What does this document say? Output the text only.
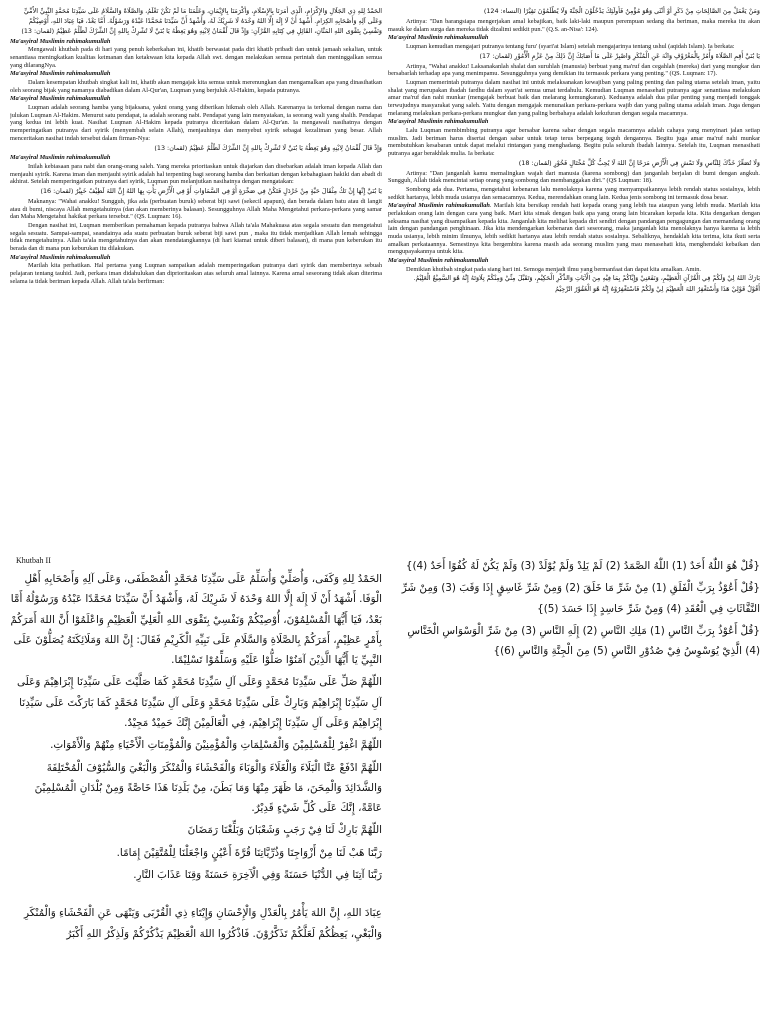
الحَمْدُ لِلهِ ذِي الجَلَالِ وَالإِكْرَامِ، الَّذِي أَمَرَنَا بِالإِسْلَامِ، وَأَكْرَمَنَا بِالإِيْمَانِ، وَعَلَّمَنَا مَا لَمْ نَكُنْ نَعْلَمُ، وَالصَّلَاةُ وَالسَّلَامُ عَلَى سَيِّدِنَا مُحَمَّدٍ النَّبِيِّ الأُمِّيِّ وَعَلَى آلِهِ وَأَصْحَابِهِ الكِرَامِ. أَشْهَدُ أَنْ لَا إِلَهَ إِلَّا اللهُ وَحْدَهُ لَا شَرِيْكَ لَهُ، وَأَشْهَدُ أَنَّ سَيِّدَنَا مُحَمَّدًا عَبْدُهُ وَرَسُوْلُهُ. أَمَّا بَعْدُ، فَيَا عِبَادَ اللهِ، أُوْصِيْكُمْ وَنَفْسِيْ بِتَقْوَى اللهِ المَنَّانِ، القَائِلِ فِي كِتَابِهِ القُرْآنِ: وَإِذْ قَالَ لُقْمَانُ لِابْنِهِ وَهُوَ يَعِظُهُ يَا بُنَيَّ لَا تُشْرِكْ بِاللهِ إِنَّ الشِّرْكَ لَظُلْمٌ عَظِيْمٌ (لقمان: 13)
Ma'asyiral Muslimin rahimakumullah
Mengawali khutbah pada di hari yang penuh keberkahan ini, khatib berwasiat pada diri khatib pribadi dan untuk jamaah sekalian, untuk senantiasa meningkatkan kualitas keimanan dan ketakwaan kita kepada Allah swt. dengan melakukan semua perintah dan meninggalkan semua yang dilarangNya.
Ma'asyiral Muslimin rahimakumullah
Dalam kesempatan khutbah singkat kali ini, khatib akan mengajak kita semua untuk merenungkan dan mengamalkan apa yang dinasihatkan oleh seorang bijak yang namanya diabadikan dalam Al-Qur'an, Luqman yang berjuluk Al-Hakim, kepada putranya.
Ma'asyiral Muslimin rahimakumullah
Luqman adalah seorang hamba yang bijaksana, yakni orang yang diberikan hikmah oleh Allah. Karenanya ia terkenal dengan nama dan julukan Luqman Al-Hakim. Menurut satu pendapat, ia adalah seorang nabi. Pendapat yang lain menyatakan, ia seorang wali yang shalih. Pendapat yang kedua ini lebih kuat. Nasihat Luqman Al-Hakim kepada putranya diceritakan dalam Al-Qur'an. Ia mengawali nasihatnya dengan memperingatkan putranya dari syirik (menyembah selain Allah), menjauhinya dan menyebut syirik sebagai kezaliman yang besar. Allah menceritakan nasihat indah tersebut dalam firman-Nya:
وَإِذْ قَالَ لُقْمَانُ لِابْنِهِ وَهُوَ يَعِظُهُ يَا بُنَيَّ لَا تُشْرِكْ بِاللهِ إِنَّ الشِّرْكَ لَظُلْمٌ عَظِيْمٌ (لقمان: 13)
Ma'asyiral Muslimin rahimakumullah
Inilah kebiasaan para nabi dan orang-orang saleh. Yang mereka prioritaskan untuk diajarkan dan disebarkan adalah iman kepada Allah dan menjauhi syirik. Karena iman dan menjauhi syirik adalah hal terpenting bagi seorang hamba dan berkaitan dengan kebahagiaan hakiki dan abadi di akhirat. Setelah memperingatkan putranya dari syirik, Luqman pun melanjutkan nasihatnya dengan mengatakan:
يَا بُنَيَّ إِنَّهَا إِنْ تَكُ مِثْقَالَ حَبَّةٍ مِنْ خَرْدَلٍ فَتَكُنْ فِي صَخْرَةٍ أَوْ فِي السَّمَاوَاتِ أَوْ فِي الْأَرْضِ يَأْتِ بِهَا اللهُ إِنَّ اللهَ لَطِيْفٌ خَبِيْرٌ (لقمان: 16)
Maknanya: "Wahai anakku! Sungguh, jika ada (perbuatan buruk) seberat biji sawi (sekecil apapun), dan berada dalam batu atau di langit atau di bumi, niscaya Allah mengetahuinya (dan akan memberinya balasan). Sesungguhnya Allah Maha Mengetahui perkara-perkara yang samar dan Maha Mengetahui hakikat perkara tersebut." (QS. Luqman: 16).
Dengan nasihat ini, Luqman memberikan pemahaman kepada putranya bahwa Allah ta'ala Mahakuasa atas segala sesuatu dan mengetahui segala sesuatu. Sampai-sampai, seandainya ada suatu perbuatan buruk seberat biji sawi pun , maka itu tidak menjadikan Allah lemah sehingga tidak mengetahuinya. Allah ta'ala mengetahuinya dan akan mendatangkannya (di hari kiamat untuk diberi balasan), di mana pun keberukan itu berada dan di mana pun keburukan itu dilakukan.
Ma'asyiral Muslimin rahimakumullah
Marilah kita perhatikan. Hal pertama yang Luqman sampaikan adalah memperingatkan putranya dari syirik dan memberinya sebuah pelajaran tentang tauhid. Jadi, perkara iman didahulukan dan diprioritaskan atas seluruh amal lainnya. Karena amal seseorang tidak akan diterima selama ia tidak beriman kepada Allah. Allah ta'ala berfirman:
وَمَنْ يَعْمَلْ مِنَ الصَّالِحَاتِ مِنْ ذَكَرٍ أَوْ أُنْثَى وَهُوَ مُؤْمِنٌ فَأُولَئِكَ يَدْخُلُوْنَ الْجَنَّةَ وَلَا يُظْلَمُوْنَ نَقِيْرًا (النساء: 124)
Artinya: "Dan barangsiapa mengerjakan amal kebajikan, baik laki-laki maupun perempuan sedang dia beriman, maka mereka itu akan masuk ke dalam surga dan mereka tidak dizalimi sedikit pun." (Q.S. an-Nisa': 124).
Ma'asyiral Muslimin rahimakumullah
Luqman kemudian mengajari putranya tentang furu' (syari'at Islam) setelah mengajarinya tentang ushul (aqidah Islam). Ia berkata:
يَا بُنَيَّ أَقِمِ الصَّلَاةَ وَأْمُرْ بِالْمَعْرُوْفِ وَانْهَ عَنِ الْمُنْكَرِ وَاصْبِرْ عَلَى مَا أَصَابَكَ إِنَّ ذَلِكَ مِنْ عَزْمِ الْأُمُوْرِ (لقمان: 17)
Artinya, "Wahai anakku! Laksanakanlah shalat dan suruhlah (manusia) berbuat yang ma'ruf dan cegahlah (mereka) dari yang mungkar dan bersabarlah terhadap apa yang menimpamu. Sesungguhnya yang demikian itu termasuk perkara yang penting." (QS. Luqman: 17).
Luqman memerintah putranya dalam nasihat ini untuk melaksanakan kewajiban yang paling penting dan paling utama setelah iman, yaitu shalat yang merupakan ibadah fardhu dalam syari'at semua umat terdahulu. Kemudian Luqman menasehati putranya agar senantiasa melakukan amar ma'ruf dan nahi munkar (mengajak berbuat baik dan melarang kemungkaran). Keduanya adalah dua pilar penting yang menjadi tonggak terwujudnya masyarakat yang saleh. Yaitu dengan mengajak menunaikan perkara-perkara wajib dan yang paling utama adalah iman. Juga dengan melarang melakukan perkara-perkara mungkar dan yang paling berbahaya adalah kekufuran dengan segala macamnya.
Ma'asyiral Muslimin rahimakumullah
Lalu Luqman membimbing putranya agar bersabar karena sabar dengan segala macamnya adalah cahaya yang menyinari jalan setiap muslim. Jadi beriman harus disertai dengan sabar untuk tetap terus berpegang teguh dengannya. Begitu juga amar ma'ruf nahi munkar membutuhkan kesabaran untuk dapat melalui rintangan yang menghadang. Begitu pula seluruh ibadah lainnya. Setelah itu, Luqman menasihati putranya agar berakhlak mulia. Ia berkata:
وَلَا تُصَعِّرْ خَدَّكَ لِلنَّاسِ وَلَا تَمْشِ فِي الْأَرْضِ مَرَحًا إِنَّ اللهَ لَا يُحِبُّ كُلَّ مُخْتَالٍ فَخُوْرٍ (لقمان: 18)
Artinya: "Dan janganlah kamu memalingkan wajah dari manusia (karena sombong) dan janganlah berjalan di bumi dengan angkuh. Sungguh, Allah tidak mencintai setiap orang yang sombong dan membanggakan diri." (QS Luqman: 18).
Sombong ada dua. Pertama, mengetahui kebenaran lalu menolaknya karena yang menyampaikannya lebih rendah status sosialnya, lebih sedikit hartanya, lebih muda usianya dan semacamnya. Kedua, merendahkan orang lain. Kedua jenis sombong ini termasuk dosa besar.
Ma'asyiral Muslimin rahimakumullah. Marilah kita bersikap rendah hati kepada orang yang lebih tua ataupun yang lebih muda. Marilah kita perlakukan orang lain dengan cara yang baik. Mari kita simak dengan baik apa yang orang lain bicarakan kepada kita. Kita dengarkan dengan seksama nasihat yang disampaikan kepada kita. Janganlah kita melihat kepada diri sendiri dengan pandangan pengagungan dan memandang orang lain dengan pandangan penghinaan. Jika kita mendengarkan kebenaran dari seseorang, maka janganlah kita menolaknya hanya karena ia lebih muda usianya, lebih minim ilmunya, lebih sedikit hartanya atau lebih rendah status sosialnya. Sebaliknya, hendaklah kita terima, kita ikuti serta amalkan perkataannya. Semestinya kita bergembira karena masih ada seorang muslim yang mau menasehati kita, menghendaki kebaikan dan mengupayakannya untuk kita.
Ma'asyiral Muslimin rahimakumullah
Demikian khutbah singkat pada siang hari ini. Semoga menjadi ilmu yang bermanfaat dan dapat kita amalkan. Amin.
بَارَكَ اللهُ لِيْ وَلَكُمْ فِي الْقُرْآنِ الْعَظِيْمِ، وَنَفَعَنِيْ وَإِيَّاكُمْ بِمَا فِيْهِ مِنَ الْآيَاتِ وَالذِّكْرِ الْحَكِيْمِ، وَتَقَبَّلَ مِنِّيْ وَمِنْكُمْ تِلَاوَتَهُ إِنَّهُ هُوَ السَّمِيْعُ الْعَلِيْمُ.
أَقُوْلُ قَوْلِيْ هَذَا وَأَسْتَغْفِرُ اللهَ الْعَظِيْمَ لِيْ وَلَكُمْ فَاسْتَغْفِرُوْهُ إِنَّهُ هُوَ الْغَفُوْرُ الرَّحِيْمُ
Khutbah II

الحَمْدُ لِلهِ وَكَفَى، وَأُصَلِّيْ وَأُسَلِّمُ عَلَى سَيِّدِنَا مُحَمَّدٍ الْمُصْطَفَى، وَعَلَى آلِهِ وَأَصْحَابِهِ أَهْلِ الْوَفَا. أَشْهَدُ أَنْ لَا إِلَهَ إِلَّا اللهُ وَحْدَهُ لَا شَرِيْكَ لَهُ، وَأَشْهَدُ أَنَّ سَيِّدَنَا مُحَمَّدًا عَبْدُهُ وَرَسُوْلُهُ أَمَّا بَعْدُ، فَيَا أَيُّهَا الْمُسْلِمُوْنَ، أُوْصِيْكُمْ وَنَفْسِيْ بِتَقْوَى اللهِ الْعَلِيِّ الْعَظِيْمِ وَاعْلَمُوْا أَنَّ اللهَ أَمَرَكُمْ بِأَمْرٍ عَظِيْمٍ، أَمَرَكُمْ بِالصَّلَاةِ وَالسَّلَامِ عَلَى نَبِيِّهِ الْكَرِيْمِ فَقَالَ: إِنَّ اللهَ وَمَلَائِكَتَهُ يُصَلُّوْنَ عَلَى النَّبِيِّ يَا أَيُّهَا الَّذِيْنَ آمَنُوْا صَلُّوْا عَلَيْهِ وَسَلِّمُوْا تَسْلِيْمًا.

اللّهُمَّ صَلِّ عَلَى سَيِّدِنَا مُحَمَّدٍ وَعَلَى آلِ سَيِّدِنَا مُحَمَّدٍ كَمَا صَلَّيْتَ عَلَى سَيِّدِنَا إِبْرَاهِيْمَ وَعَلَى آلِ سَيِّدِنَا إِبْرَاهِيْمَ وَبَارِكْ عَلَى سَيِّدِنَا مُحَمَّدٍ وَعَلَى آلِ سَيِّدِنَا مُحَمَّدٍ كَمَا بَارَكْتَ عَلَى سَيِّدِنَا إِبْرَاهِيْمَ وَعَلَى آلِ سَيِّدِنَا إِبْرَاهِيْمَ، فِي الْعَالَمِيْنَ إِنَّكَ حَمِيْدٌ مَجِيْدٌ.

اللّهُمَّ اغْفِرْ لِلْمُسْلِمِيْنَ وَالْمُسْلِمَاتِ وَالْمُؤْمِنِيْنَ وَالْمُؤْمِنَاتِ الْأَحْيَاءِ مِنْهُمْ وَالْأَمْوَاتِ.

اللّهُمَّ ادْفَعْ عَنَّا الْبَلَاءَ وَالْغَلَاءَ وَالْوَبَاءَ وَالْفَحْشَاءَ وَالْمُنْكَرَ وَالْبَغْيَ وَالسُّيُوْفَ الْمُخْتَلِفَةَ وَالشَّدَائِدَ وَالْمِحَنَ، مَا ظَهَرَ مِنْهَا وَمَا بَطَنَ، مِنْ بَلَدِنَا هَذَا خَاصَّةً وَمِنْ بُلْدَانِ الْمُسْلِمِيْنَ عَامَّةً، إِنَّكَ عَلَى كُلِّ شَيْءٍ قَدِيْرٌ.

اللّهُمَّ بَارِكْ لَنَا فِيْ رَجَبٍ وَشَعْبَانَ وَبَلِّغْنَا رَمَضَانَ

رَبَّنَا هَبْ لَنَا مِنْ أَزْوَاجِنَا وَذُرِّيَّاتِنَا قُرَّةَ أَعْيُنٍ وَاجْعَلْنَا لِلْمُتَّقِيْنَ إِمَامًا.

رَبَّنَا آتِنَا فِي الدُّنْيَا حَسَنَةً وَفِي الْآخِرَةِ حَسَنَةً وَقِنَا عَذَابَ النَّارِ.

عِبَادَ اللهِ، إِنَّ اللهَ يَأْمُرُ بِالْعَدْلِ وَالْإِحْسَانِ وَإِيْتَاءِ ذِي الْقُرْبَى وَيَنْهَى عَنِ الْفَحْشَاءِ وَالْمُنْكَرِ وَالْبَغْيِ، يَعِظُكُمْ لَعَلَّكُمْ تَذَكَّرُوْنَ. فَاذْكُرُوا اللهَ الْعَظِيْمَ يَذْكُرْكُمْ وَلَذِكْرُ اللهِ أَكْبَرُ

{قُلْ هُوَ اللّٰهُ أَحَدٌ (1) اللّٰهُ الصَّمَدُ (2) لَمْ يَلِدْ وَلَمْ يُوْلَدْ (3) وَلَمْ يَكُنْ لَهُ كُفُوًا أَحَدٌ (4)}

{قُلْ أَعُوْذُ بِرَبِّ الْفَلَقِ (1) مِنْ شَرِّ مَا خَلَقَ (2) وَمِنْ شَرِّ غَاسِقٍ إِذَا وَقَبَ (3) وَمِنْ شَرِّ النَّفَّاثَاتِ فِي الْعُقَدِ (4) وَمِنْ شَرِّ حَاسِدٍ إِذَا حَسَدَ (5)}

{قُلْ أَعُوْذُ بِرَبِّ النَّاسِ (1) مَلِكِ النَّاسِ (2) إِلَهِ النَّاسِ (3) مِنْ شَرِّ الْوَسْوَاسِ الْخَنَّاسِ (4) الَّذِيْ يُوَسْوِسُ فِيْ صُدُوْرِ النَّاسِ (5) مِنَ الْجِنَّةِ وَالنَّاسِ (6)}
